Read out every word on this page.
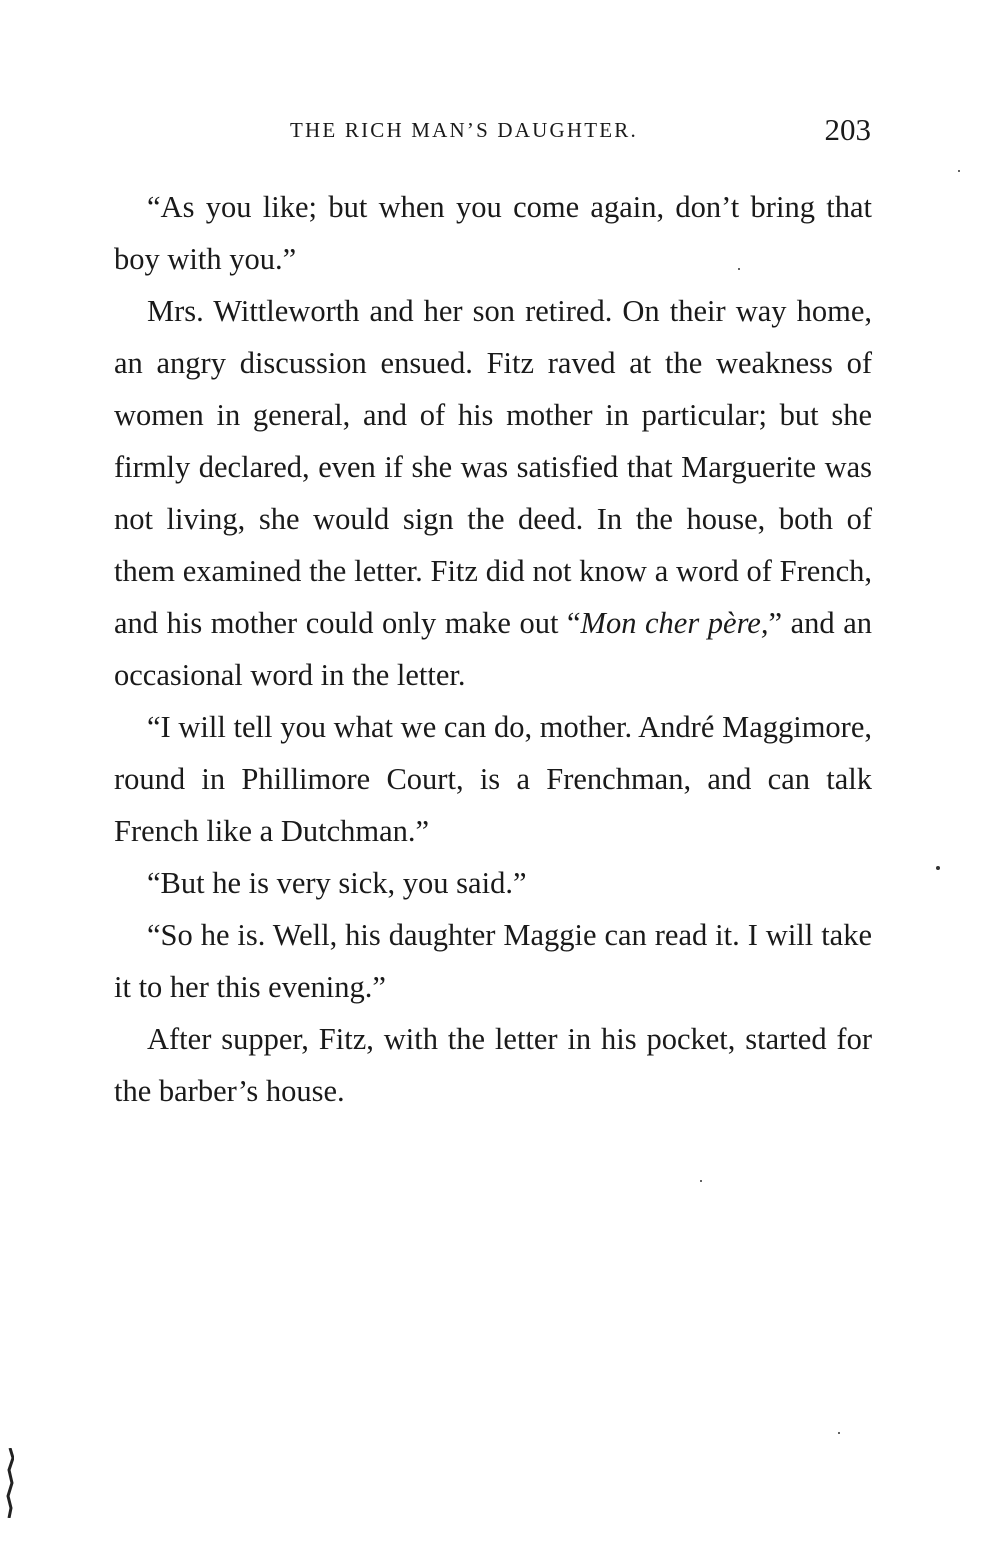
THE RICH MAN’S DAUGHTER.	203

“As you like; but when you come again, don’t bring that boy with you.”

Mrs. Wittleworth and her son retired. On their way home, an angry discussion ensued. Fitz raved at the weakness of women in general, and of his mother in particular; but she firmly declared, even if she was satisfied that Marguerite was not living, she would sign the deed. In the house, both of them examined the letter. Fitz did not know a word of French, and his mother could only make out “Mon cher père,” and an occasional word in the letter.

“I will tell you what we can do, mother. André Maggimore, round in Phillimore Court, is a Frenchman, and can talk French like a Dutchman.”

“But he is very sick, you said.”

“So he is. Well, his daughter Maggie can read it. I will take it to her this evening.”

After supper, Fitz, with the letter in his pocket, started for the barber’s house.
